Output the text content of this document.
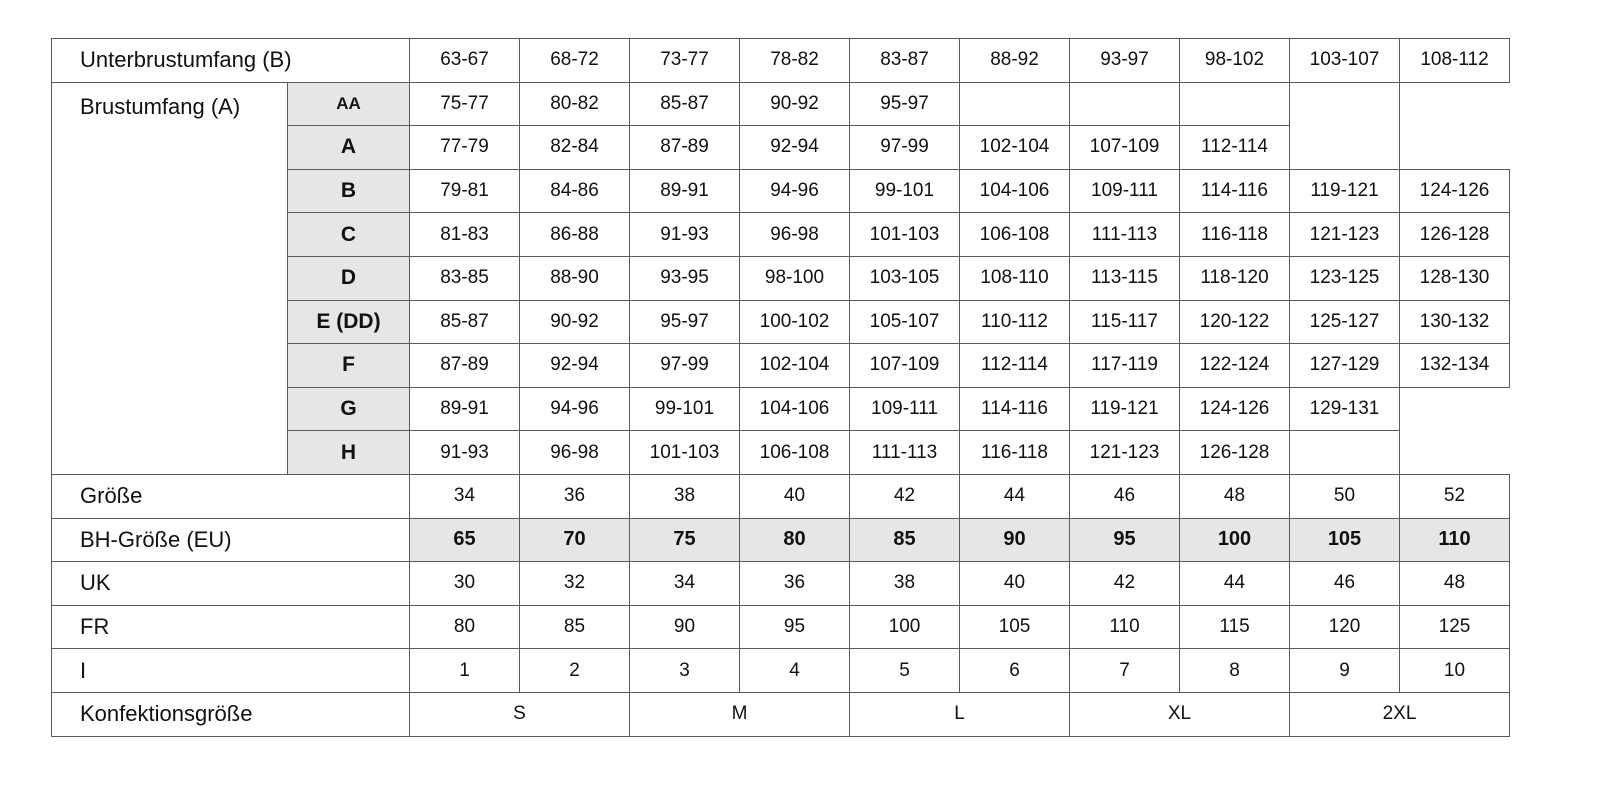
Unterbrustumfang (B)		63-67	68-72	73-77	78-82	83-87	88-92	93-97	98-102	103-107	108-112
Brustumfang (A)	AA	75-77	80-82	85-87	90-92	95-97					
	A	77-79	82-84	87-89	92-94	97-99	102-104	107-109	112-114		
	B	79-81	84-86	89-91	94-96	99-101	104-106	109-111	114-116	119-121	124-126
	C	81-83	86-88	91-93	96-98	101-103	106-108	111-113	116-118	121-123	126-128
	D	83-85	88-90	93-95	98-100	103-105	108-110	113-115	118-120	123-125	128-130
	E (DD)	85-87	90-92	95-97	100-102	105-107	110-112	115-117	120-122	125-127	130-132
	F	87-89	92-94	97-99	102-104	107-109	112-114	117-119	122-124	127-129	132-134
	G	89-91	94-96	99-101	104-106	109-111	114-116	119-121	124-126	129-131	
	H	91-93	96-98	101-103	106-108	111-113	116-118	121-123	126-128		
Größe		34	36	38	40	42	44	46	48	50	52
BH-Größe (EU)		65	70	75	80	85	90	95	100	105	110
UK		30	32	34	36	38	40	42	44	46	48
FR		80	85	90	95	100	105	110	115	120	125
I		1	2	3	4	5	6	7	8	9	10
Konfektionsgröße		S		M		L		XL		2XL	
